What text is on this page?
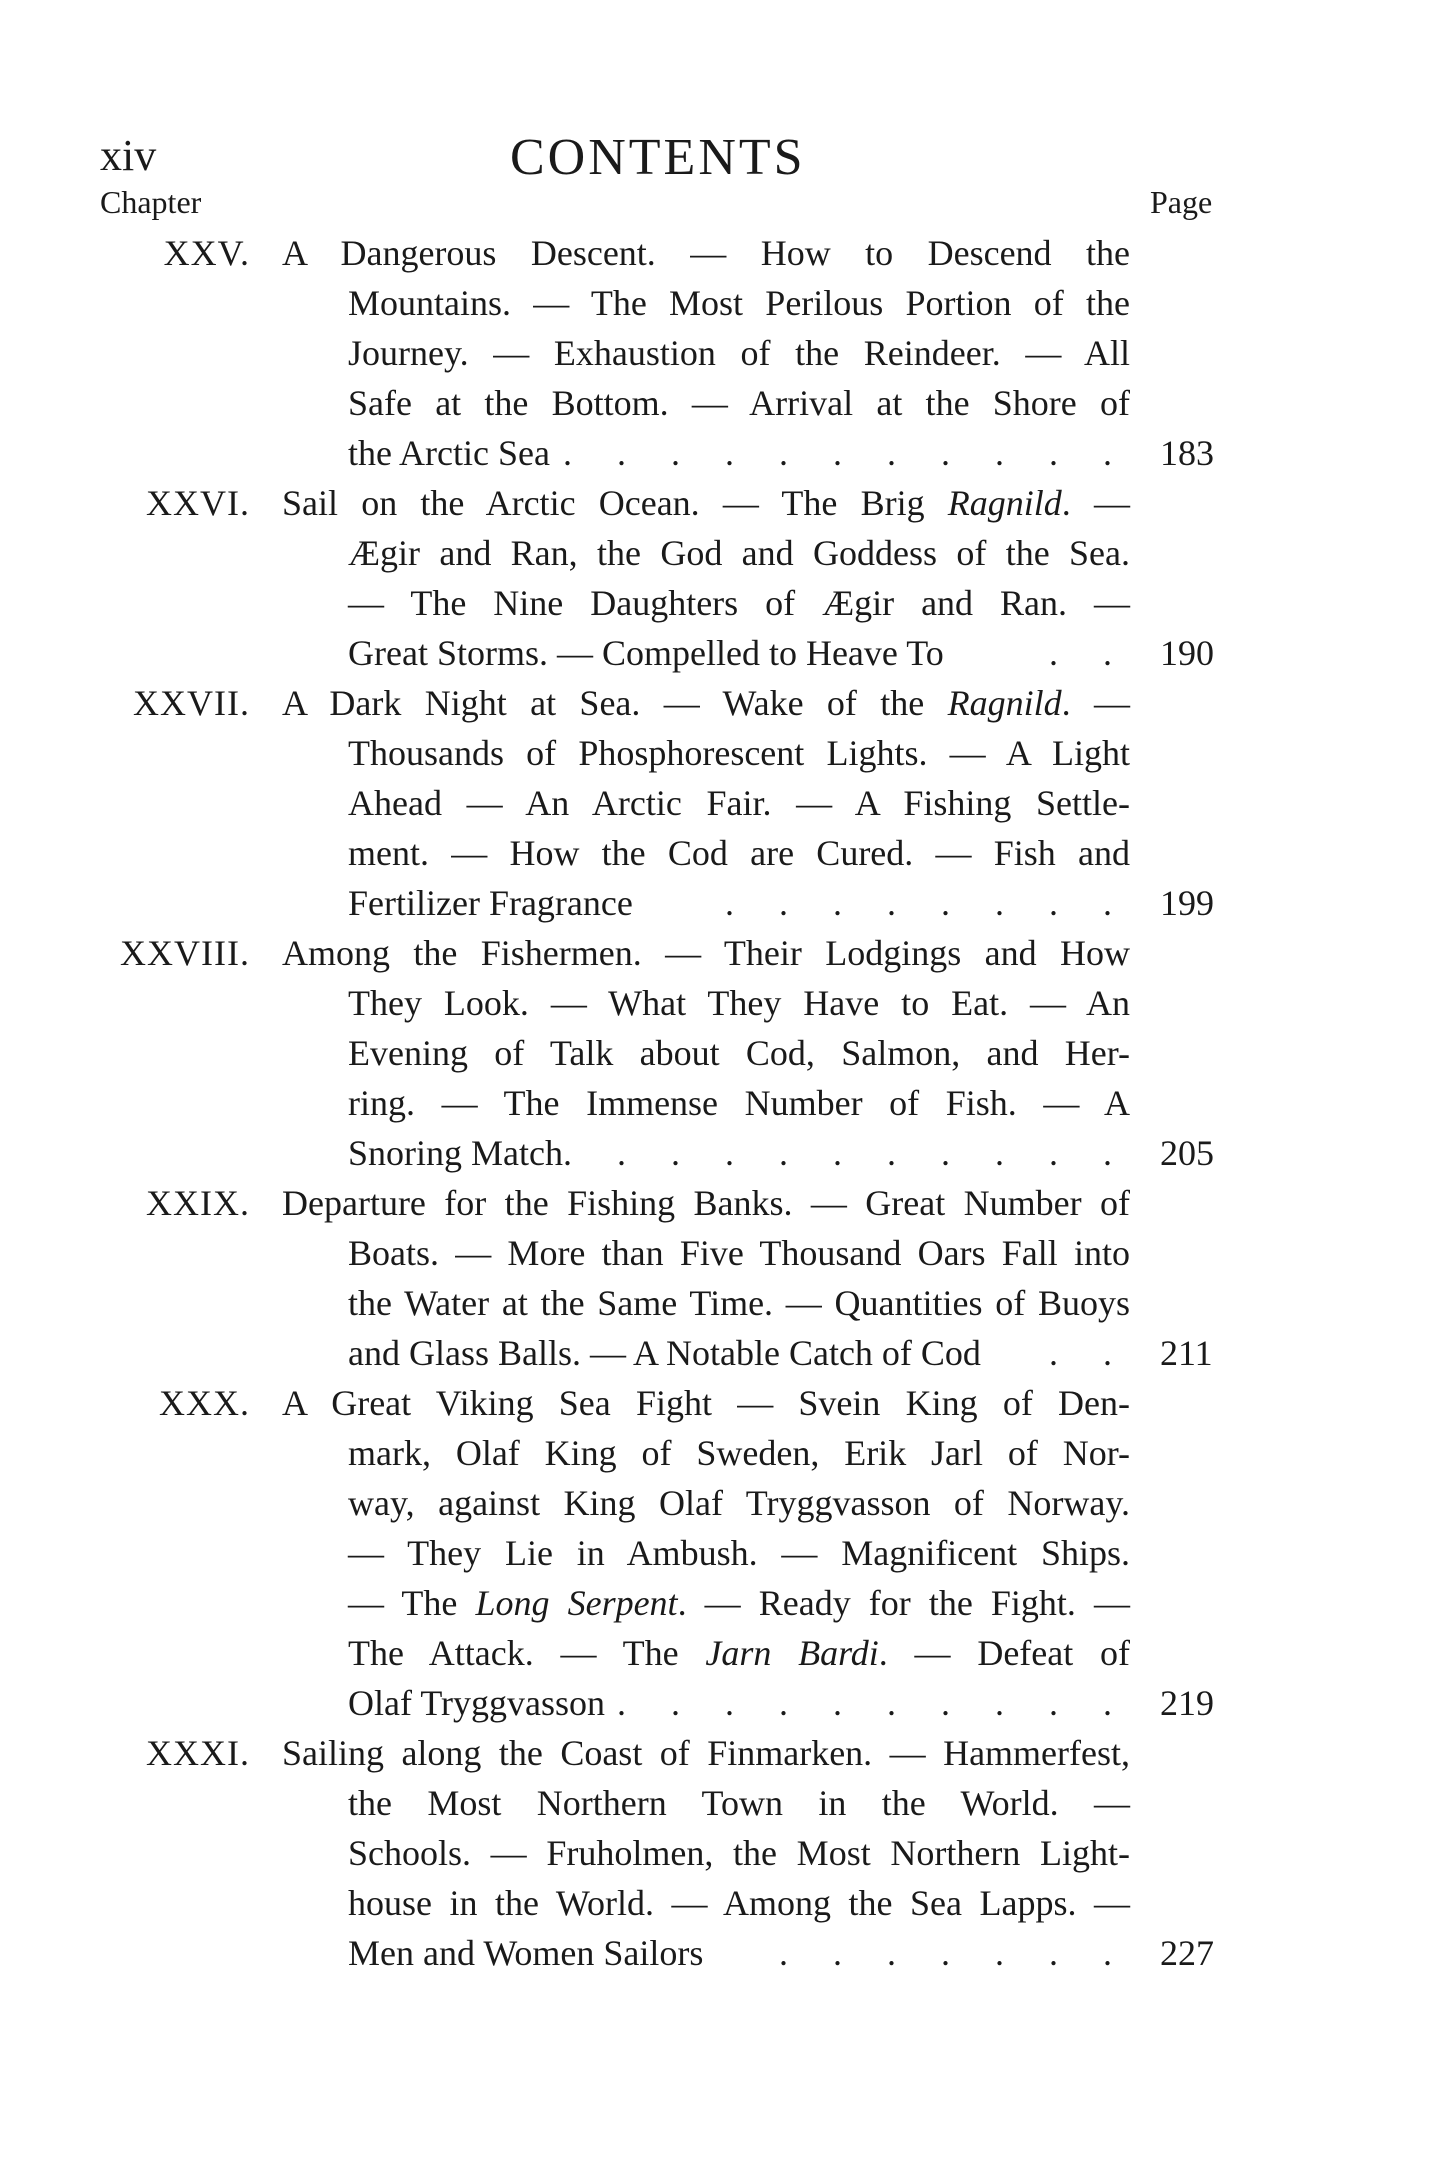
xiv	CONTENTS
Chapter	Page
XXV. A Dangerous Descent. — How to Descend the
Mountains. — The Most Perilous Portion of the
Journey. — Exhaustion of the Reindeer. — All
Safe at the Bottom. — Arrival at the Shore of
the Arctic Sea . . . . . . . . . . . 183
XXVI. Sail on the Arctic Ocean. — The Brig Ragnild. —
Ægir and Ran, the God and Goddess of the Sea.
— The Nine Daughters of Ægir and Ran. —
Great Storms. — Compelled to Heave To	. . 190
XXVII. A Dark Night at Sea. — Wake of the Ragnild. —
Thousands of Phosphorescent Lights. — A Light
Ahead — An Arctic Fair. — A Fishing Settle-
ment. — How the Cod are Cured. — Fish and
Fertilizer Fragrance	. . . . . . . . 199
XXVIII. Among the Fishermen. — Their Lodgings and How
They Look. — What They Have to Eat. — An
Evening of Talk about Cod, Salmon, and Her-
ring. — The Immense Number of Fish. — A
Snoring Match . . . . . . . . . . . 205
XXIX. Departure for the Fishing Banks. — Great Number of
Boats. — More than Five Thousand Oars Fall into
the Water at the Same Time. — Quantities of Buoys
and Glass Balls. — A Notable Catch of Cod . . 211
XXX. A Great Viking Sea Fight — Svein King of Den-
mark, Olaf King of Sweden, Erik Jarl of Nor-
way, against King Olaf Tryggvasson of Norway.
— They Lie in Ambush. — Magnificent Ships.
— The Long Serpent. — Ready for the Fight. —
The Attack. — The Jarn Bardi. — Defeat of
Olaf Tryggvasson . . . . . . . . . . 219
XXXI. Sailing along the Coast of Finmarken. — Hammerfest,
the Most Northern Town in the World. —
Schools. — Fruholmen, the Most Northern Light-
house in the World. — Among the Sea Lapps. —
Men and Women Sailors . . . . . . . 227
